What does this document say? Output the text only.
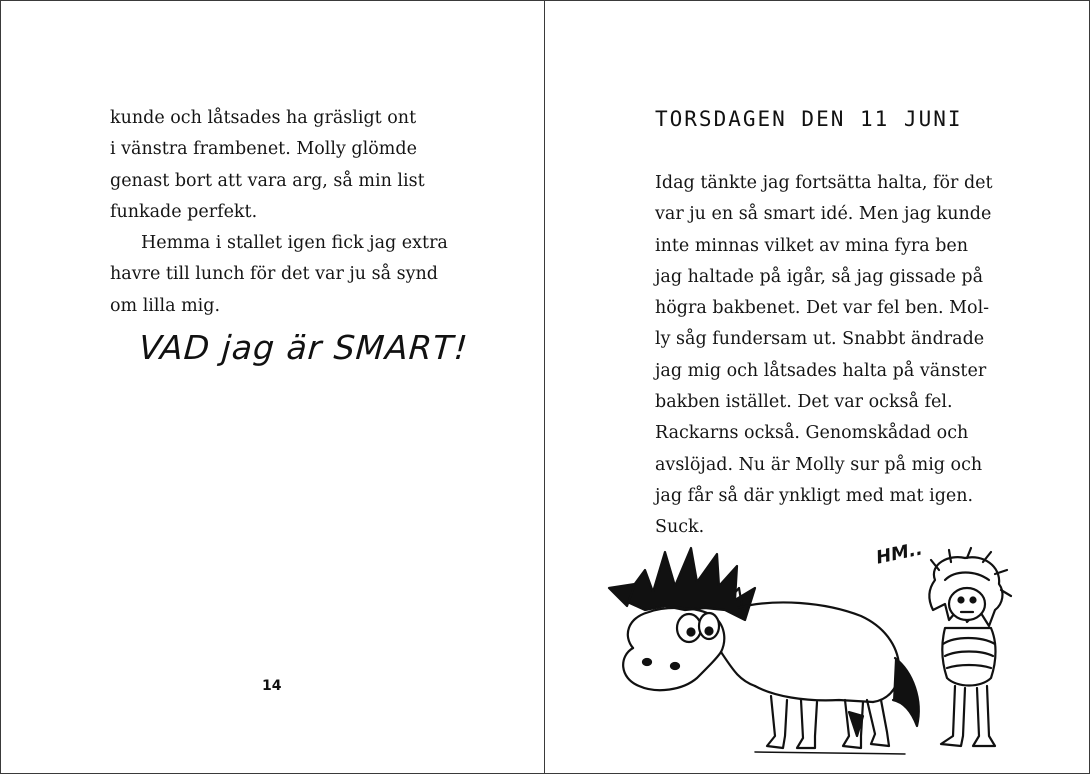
kunde och låtsades ha gräsligt ont
i vänstra frambenet. Molly glömde
genast bort att vara arg, så min list
funkade perfekt.
Hemma i stallet igen fick jag extra
havre till lunch för det var ju så synd
om lilla mig.
VAD jag är SMART!
14
TORSDAGEN DEN 11 JUNI
Idag tänkte jag fortsätta halta, för det
var ju en så smart idé. Men jag kunde
inte minnas vilket av mina fyra ben
jag haltade på igår, så jag gissade på
högra bakbenet. Det var fel ben. Mol-
ly såg fundersam ut. Snabbt ändrade
jag mig och låtsades halta på vänster
bakben istället. Det var också fel.
Rackarns också. Genomskådad och
avslöjad. Nu är Molly sur på mig och
jag får så där ynkligt med mat igen.
Suck.
HM..
